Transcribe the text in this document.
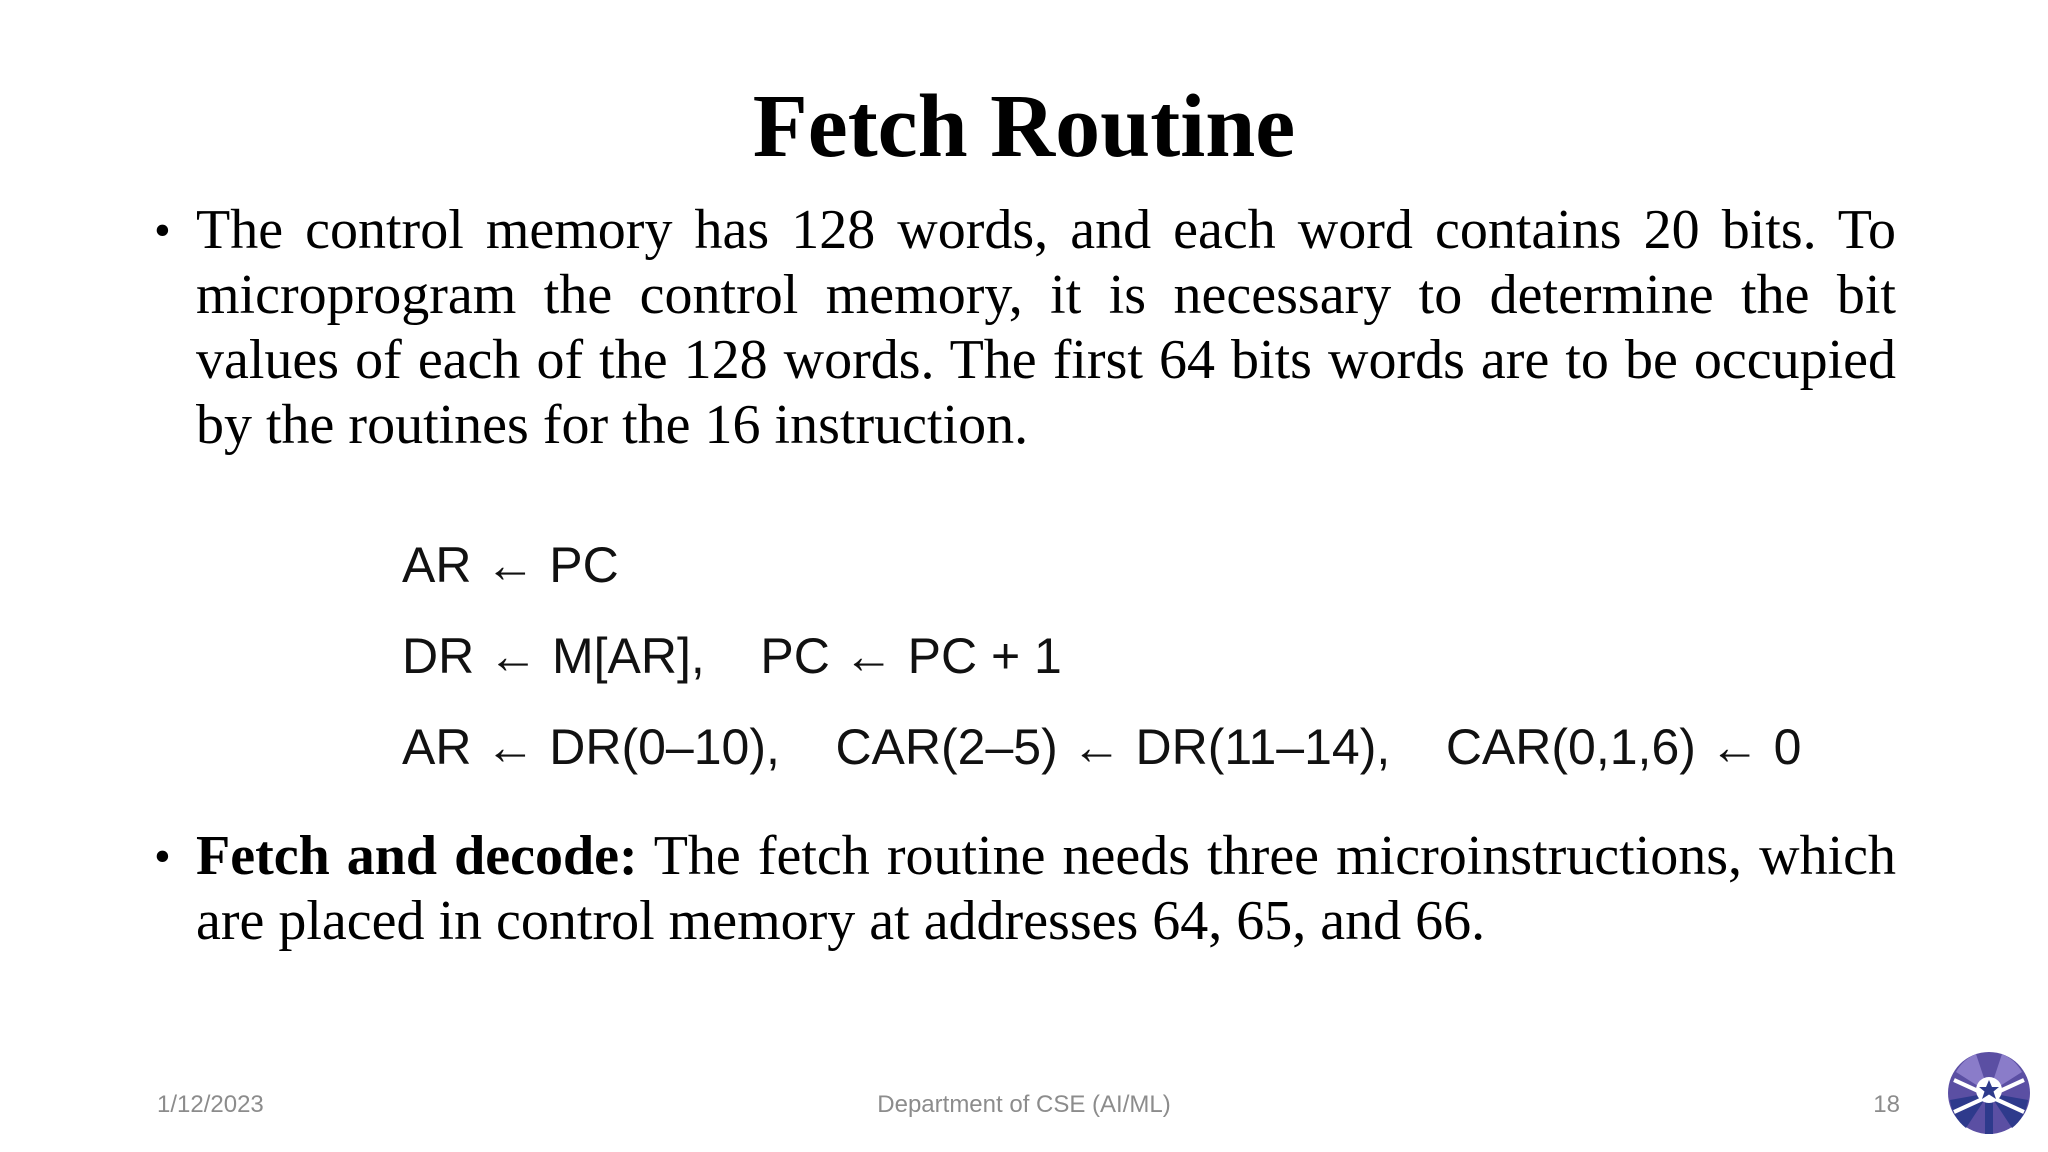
Fetch Routine
• The control memory has 128 words, and each word contains 20 bits. To microprogram the control memory, it is necessary to determine the bit values of each of the 128 words. The first 64 bits words are to be occupied by the routines for the 16 instruction.
AR ← PC
DR ← M[AR],    PC ← PC + 1
AR ← DR(0–10),    CAR(2–5) ← DR(11–14),    CAR(0,1,6) ← 0
• Fetch and decode: The fetch routine needs three microinstructions, which are placed in control memory at addresses 64, 65, and 66.
1/12/2023	Department of CSE (AI/ML)	18
